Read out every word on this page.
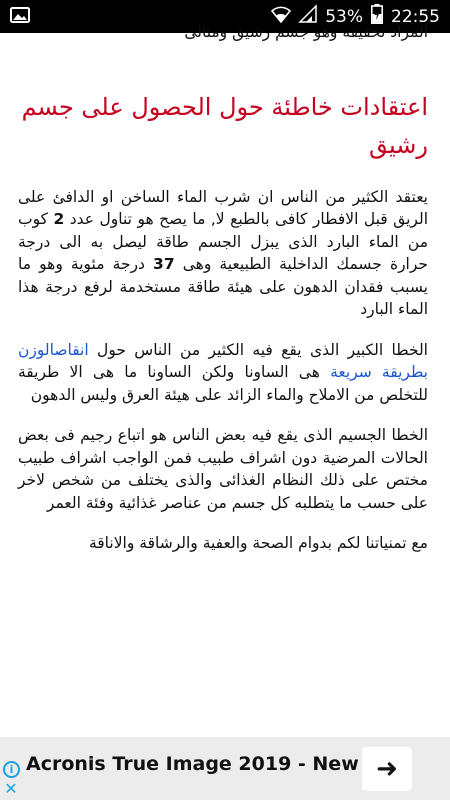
53% 22:55

المراد تحقيقه وهو جسم رشيق ومثالى

اعتقادات خاطئة حول الحصول على جسم رشيق

يعتقد الكثير من الناس ان شرب الماء الساخن او الدافئ على الريق قبل الافطار كافى بالطبع لا, ما يصح هو تناول عدد 2 كوب من الماء البارد الذى يبزل الجسم طاقة ليصل به الى درجة حرارة جسمك الداخلية الطبيعية وهى 37 درجة مئوية وهو ما يسبب فقدان الدهون على هيئة طاقة مستخدمة لرفع درجة هذا الماء البارد

الخطا الكبير الذى يقع فيه الكثير من الناس حول انقاصالوزن بطريقة سريعة هى الساونا ولكن الساونا ما هى الا طريقة للتخلص من الاملاح والماء الزائد على هيئة العرق وليس الدهون

الخطا الجسيم الذى يقع فيه بعض الناس هو اتباع رجيم فى بعض الحالات المرضية دون اشراف طبيب فمن الواجب اشراف طبيب مختص على ذلك النظام الغذائى والذى يختلف من شخص لاخر على حسب ما يتطلبه كل جسم من عناصر غذائية وفئة العمر

مع تمنياتنا لكم بدوام الصحة والعفية والرشاقة والاناقة

i
✕
Acronis True Image 2019 - New ➜
